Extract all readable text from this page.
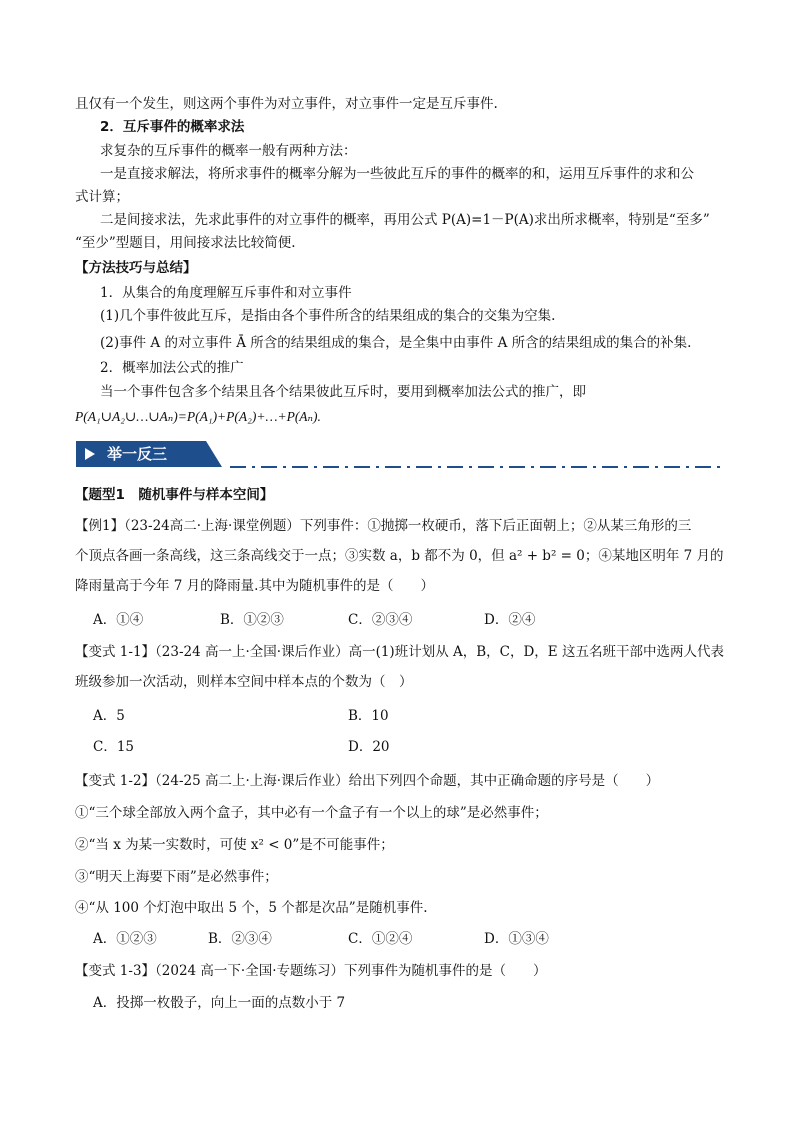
且仅有一个发生，则这两个事件为对立事件，对立事件一定是互斥事件.
2．互斥事件的概率求法
求复杂的互斥事件的概率一般有两种方法：
一是直接求解法，将所求事件的概率分解为一些彼此互斥的事件的概率的和，运用互斥事件的求和公
式计算；
二是间接求法，先求此事件的对立事件的概率，再用公式 P(A)=1－P(A)求出所求概率，特别是“至多”
“至少”型题目，用间接求法比较简便.
【方法技巧与总结】
1．从集合的角度理解互斥事件和对立事件
(1)几个事件彼此互斥，是指由各个事件所含的结果组成的集合的交集为空集.
(2)事件 A 的对立事件 Ā 所含的结果组成的集合，是全集中由事件 A 所含的结果组成的集合的补集.
2．概率加法公式的推广
当一个事件包含多个结果且各个结果彼此互斥时，要用到概率加法公式的推广，即
P(A₁∪A₂∪…∪Aₙ)=P(A₁)+P(A₂)+…+P(Aₙ).
举一反三
【题型1　随机事件与样本空间】
【例1】（23-24高二·上海·课堂例题）下列事件：①抛掷一枚硬币，落下后正面朝上；②从某三角形的三
个顶点各画一条高线，这三条高线交于一点；③实数 a，b 都不为 0，但 a² + b² = 0；④某地区明年 7 月的
降雨量高于今年 7 月的降雨量.其中为随机事件的是（　　）
A．①④	B．①②③	C．②③④	D．②④
【变式 1-1】（23-24 高一上·全国·课后作业）高一(1)班计划从 A，B，C，D，E 这五名班干部中选两人代表
班级参加一次活动，则样本空间中样本点的个数为（　）
A．5	B．10
C．15	D．20
【变式 1-2】（24-25 高二上·上海·课后作业）给出下列四个命题，其中正确命题的序号是（　　）
①“三个球全部放入两个盒子，其中必有一个盒子有一个以上的球”是必然事件；
②“当 x 为某一实数时，可使 x² < 0”是不可能事件；
③“明天上海要下雨”是必然事件；
④“从 100 个灯泡中取出 5 个，5 个都是次品”是随机事件.
A．①②③	B．②③④	C．①②④	D．①③④
【变式 1-3】（2024 高一下·全国·专题练习）下列事件为随机事件的是（　　）
A．投掷一枚骰子，向上一面的点数小于 7
